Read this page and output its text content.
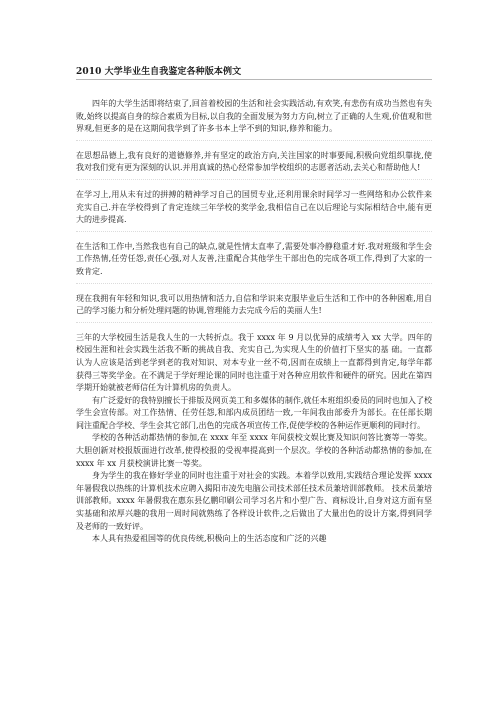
2010 大学毕业生自我鉴定各种版本例文

四年的大学生活即将结束了,回首着校园的生活和社会实践活动,有欢笑,有悲伤有成功当然也有失败,始终以提高自身的综合素质为目标,以自我的全面发展为努力方向,树立了正确的人生观,价值观和世界观,但更多的是在这期间我学到了许多书本上学不到的知识,修养和能力。

在思想品德上,我有良好的道德修养,并有坚定的政治方向,关注国家的时事要闻,积极向党组织靠拢,使我对我们党有更为深刻的认识.并用真诚的热心经常参加学校组织的志愿者活动,去关心和帮助他人!

在学习上,用从未有过的拼搏的精神学习自己的国贸专业,还利用课余时间学习一些网络和办公软件来充实自己.并在学校得到了肯定连续三年学校的奖学金,我相信自己在以后理论与实际相结合中,能有更大的进步提高.

在生活和工作中,当然我也有自己的缺点,就是性情太直率了,需要处事冷静稳重才好.我对班级和学生会工作热情,任劳任怨,责任心强,对人友善,注重配合其他学生干部出色的完成各项工作,得到了大家的一致肯定.

现在我拥有年轻和知识,我可以用热情和活力,自信和学识来克服毕业后生活和工作中的各种困难,用自己的学习能力和分析处理问题的协调,管理能力去完成今后的美丽人生!

三年的大学校园生活是我人生的一大转折点。我于 xxxx 年 9 月以优异的成绩考入 xx 大学。四年的校园生涯和社会实践生活我不断的挑战自我、充实自己,为实现人生的价值打下坚实的基 础。一直都认为人应该是活到老学到老的我对知识、对本专业一丝不苟,因而在成绩上一直都得到肯定,每学年都获得三等奖学金。在不满足于学好理论课的同时也注重于对各种应用软件和硬件的研究。因此在第四学期开始就被老师信任为计算机房的负责人。

有广泛爱好的我特别擅长于排版及网页美工和多媒体的制作,就任本班组织委员的同时也加入了校学生会宣传部。对工作热情、任劳任怨,和部内成员团结一致,一年间我由部委升为部长。在任部长期间注重配合学校、学生会其它部门,出色的完成各项宣传工作,促使学校的各种运作更顺利的同时行。

学校的各种活动都热情的参加,在 xxxx 年至 xxxx 年间获校文娱比赛及知识问答比赛等一等奖。大胆创新对校报版面进行改革,使得校报的受视率提高到一个层次。学校的各种活动都热情的参加,在 xxxx 年 xx 月获校演讲比赛一等奖。

身为学生的我在修好学业的同时也注重于对社会的实践。本着学以致用,实践结合理论发挥 xxxx 年暑假我以热练的计算机技术应聘入揭阳市凌先电脑公司技术部任技术员兼培训部教师。 技术员兼培训部教师。xxxx 年暑假我在惠东县亿鹏印刷公司学习名片和小型广告、商标设计,自身对这方面有坚实基础和浓厚兴趣的我用一周时间就熟练了各样设计软件,之后做出了大量出色的设计方案,得到同学及老师的一致好评。

本人具有热爱祖国等的优良传统,积极向上的生活态度和广泛的兴趣
